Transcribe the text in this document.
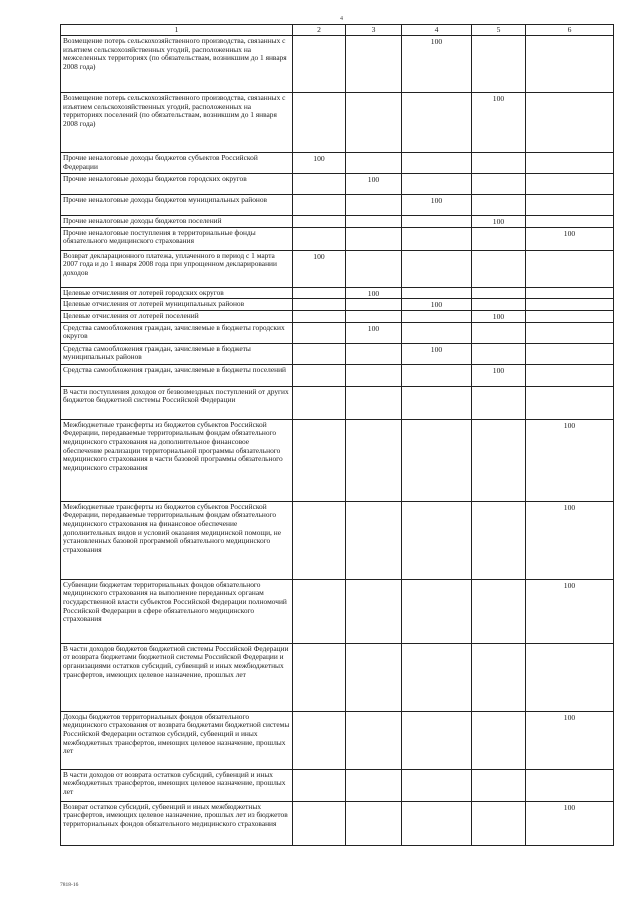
4
1	2	3	4	5	6
Возмещение потерь сельскохозяйственного производства, связанных с изъятием сельскохозяйственных угодий, расположенных на межселенных территориях (по обязательствам, возникшим до 1 января 2008 года)			100		
Возмещение потерь сельскохозяйственного производства, связанных с изъятием сельскохозяйственных угодий, расположенных на территориях поселений (по обязательствам, возникшим до 1 января 2008 года)				100	
Прочие неналоговые доходы бюджетов субъектов Российской Федерации	100				
Прочие неналоговые доходы бюджетов городских округов		100			
Прочие неналоговые доходы бюджетов муниципальных районов			100		
Прочие неналоговые доходы бюджетов поселений				100	
Прочие неналоговые поступления в территориальные фонды обязательного медицинского страхования					100
Возврат декларационного платежа, уплаченного в период с 1 марта 2007 года и до 1 января 2008 года при упрощенном декларировании доходов	100				
Целевые отчисления от лотерей городских округов		100			
Целевые отчисления от лотерей муниципальных районов			100		
Целевые отчисления от лотерей поселений				100	
Средства самообложения граждан, зачисляемые в бюджеты городских округов		100			
Средства самообложения граждан, зачисляемые в бюджеты муниципальных районов			100		
Средства самообложения граждан, зачисляемые в бюджеты поселений				100	
В части поступления доходов от безвозмездных поступлений от других бюджетов бюджетной системы Российской Федерации					
Межбюджетные трансферты из бюджетов субъектов Российской Федерации, передаваемые территориальным фондам обязательного медицинского страхования на дополнительное финансовое обеспечение реализации территориальной программы обязательного медицинского страхования в части базовой программы обязательного медицинского страхования					100
Межбюджетные трансферты из бюджетов субъектов Российской Федерации, передаваемые территориальным фондам обязательного медицинского страхования на финансовое обеспечение дополнительных видов и условий оказания медицинской помощи, не установленных базовой программой обязательного медицинского страхования					100
Субвенции бюджетам территориальных фондов обязательного медицинского страхования на выполнение переданных органам государственной власти субъектов Российской Федерации полномочий Российской Федерации в сфере обязательного медицинского страхования					100
В части доходов бюджетов бюджетной системы Российской Федерации от возврата бюджетами бюджетной системы Российской Федерации и организациями остатков субсидий, субвенций и иных межбюджетных трансфертов, имеющих целевое назначение, прошлых лет					
Доходы бюджетов территориальных фондов обязательного медицинского страхования от возврата бюджетами бюджетной системы Российской Федерации остатков субсидий, субвенций и иных межбюджетных трансфертов, имеющих целевое назначение, прошлых лет					100
В части доходов от возврата остатков субсидий, субвенций и иных межбюджетных трансфертов, имеющих целевое назначение, прошлых лет					
Возврат остатков субсидий, субвенций и иных межбюджетных трансфертов, имеющих целевое назначение, прошлых лет из бюджетов территориальных фондов обязательного медицинского страхования					100
7818-16
